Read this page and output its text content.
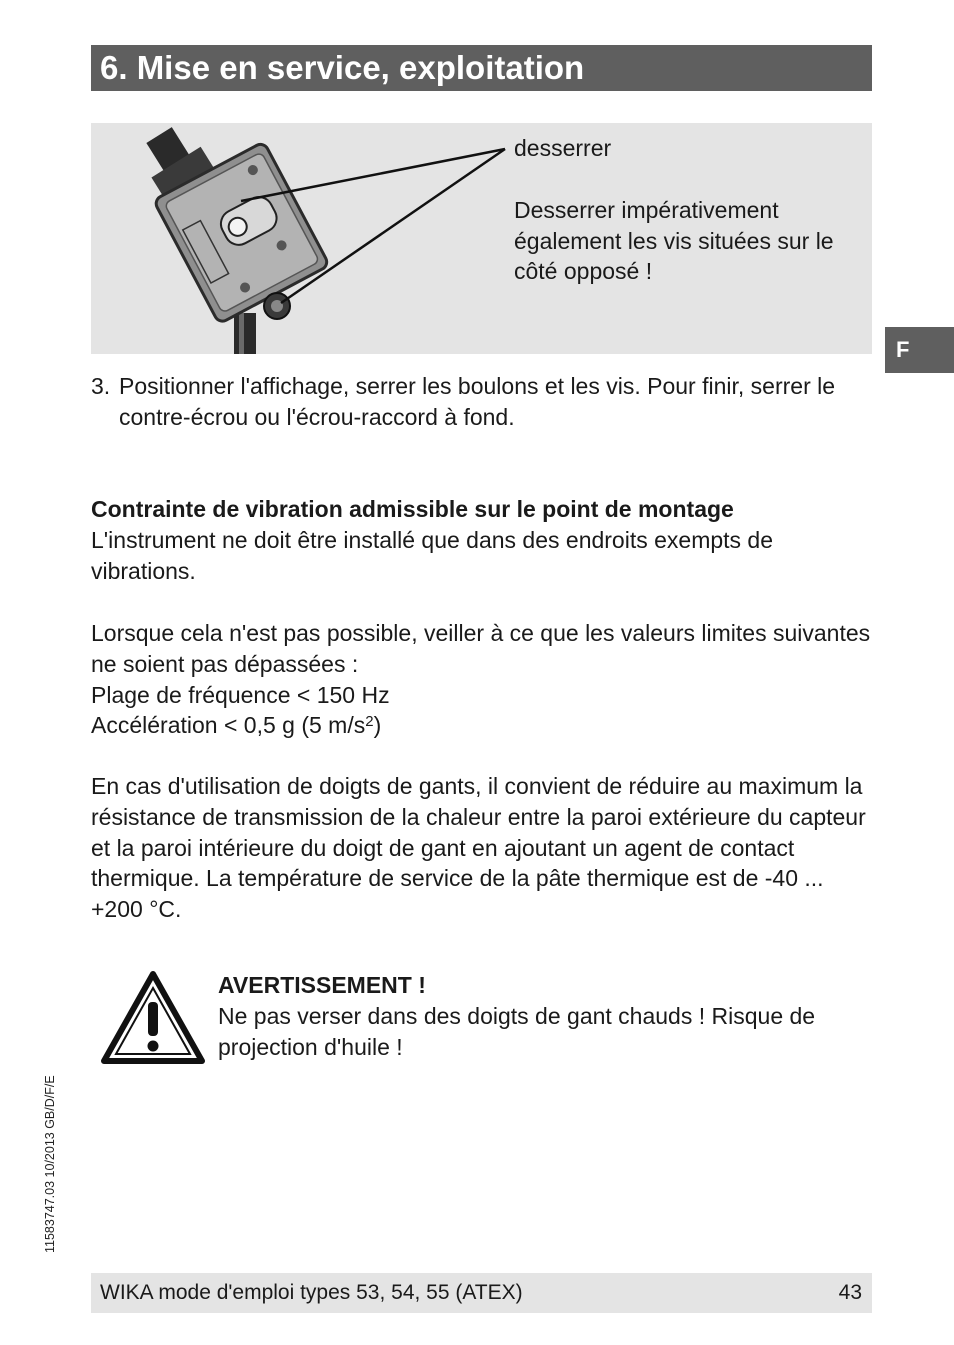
6. Mise en service, exploitation
desserrer
Desserrer impérativement également les vis situées sur le côté opposé !
F
3. Positionner l'affichage, serrer les boulons et les vis. Pour finir, serrer le contre-écrou ou l'écrou-raccord à fond.
Contrainte de vibration admissible sur le point de montage
L'instrument ne doit être installé que dans des endroits exempts de vibrations.
Lorsque cela n'est pas possible, veiller à ce que les valeurs limites suivantes ne soient pas dépassées :
Plage de fréquence < 150 Hz
Accélération < 0,5 g (5 $m/s^2$)
En cas d'utilisation de doigts de gants, il convient de réduire au maximum la résistance de transmission de la chaleur entre la paroi extérieure du capteur et la paroi intérieure du doigt de gant en ajoutant un agent de contact thermique. La température de service de la pâte thermique est de -40 ... +200 °C.
AVERTISSEMENT !
Ne pas verser dans des doigts de gant chauds ! Risque de projection d'huile !
11583747.03 10/2013 GB/D/F/E
WIKA mode d'emploi types 53, 54, 55 (ATEX)	43
